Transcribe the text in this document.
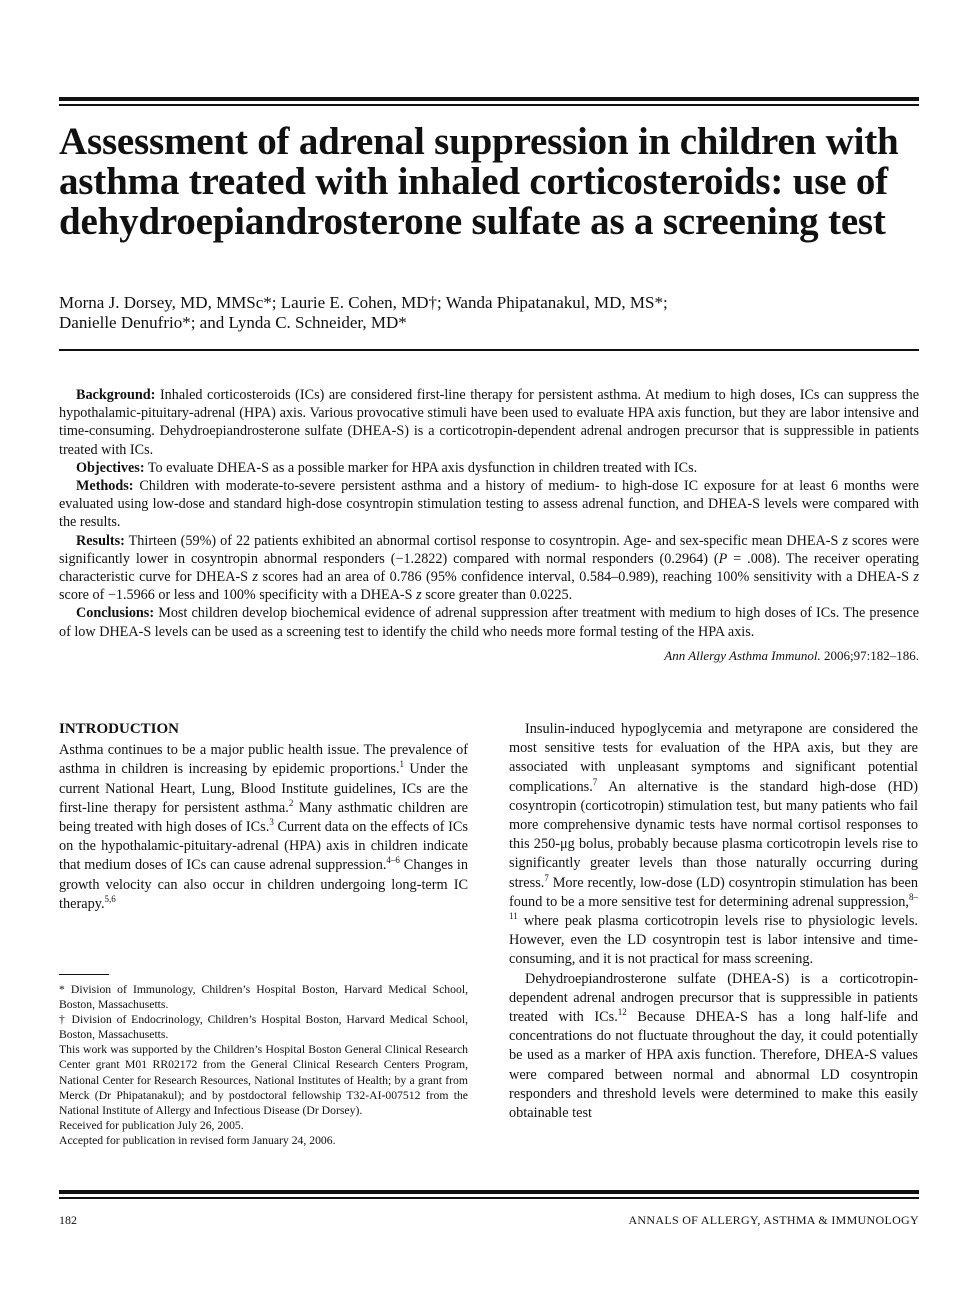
Assessment of adrenal suppression in children with asthma treated with inhaled corticosteroids: use of dehydroepiandrosterone sulfate as a screening test
Morna J. Dorsey, MD, MMSc*; Laurie E. Cohen, MD†; Wanda Phipatanakul, MD, MS*;
Danielle Denufrio*; and Lynda C. Schneider, MD*

Background: Inhaled corticosteroids (ICs) are considered first-line therapy for persistent asthma. At medium to high doses, ICs can suppress the hypothalamic-pituitary-adrenal (HPA) axis. Various provocative stimuli have been used to evaluate HPA axis function, but they are labor intensive and time-consuming. Dehydroepiandrosterone sulfate (DHEA-S) is a corticotropin-dependent adrenal androgen precursor that is suppressible in patients treated with ICs.

Objectives: To evaluate DHEA-S as a possible marker for HPA axis dysfunction in children treated with ICs.

Methods: Children with moderate-to-severe persistent asthma and a history of medium- to high-dose IC exposure for at least 6 months were evaluated using low-dose and standard high-dose cosyntropin stimulation testing to assess adrenal function, and DHEA-S levels were compared with the results.

Results: Thirteen (59%) of 22 patients exhibited an abnormal cortisol response to cosyntropin. Age- and sex-specific mean DHEA-S z scores were significantly lower in cosyntropin abnormal responders (−1.2822) compared with normal responders (0.2964) (P = .008). The receiver operating characteristic curve for DHEA-S z scores had an area of 0.786 (95% confidence interval, 0.584–0.989), reaching 100% sensitivity with a DHEA-S z score of −1.5966 or less and 100% specificity with a DHEA-S z score greater than 0.0225.

Conclusions: Most children develop biochemical evidence of adrenal suppression after treatment with medium to high doses of ICs. The presence of low DHEA-S levels can be used as a screening test to identify the child who needs more formal testing of the HPA axis.

Ann Allergy Asthma Immunol. 2006;97:182–186.
INTRODUCTION

Asthma continues to be a major public health issue. The prevalence of asthma in children is increasing by epidemic proportions.$^1$ Under the current National Heart, Lung, Blood Institute guidelines, ICs are the first-line therapy for persistent asthma.$^2$ Many asthmatic children are being treated with high doses of ICs.$^3$ Current data on the effects of ICs on the hypothalamic-pituitary-adrenal (HPA) axis in children indicate that medium doses of ICs can cause adrenal suppression.$^{4-6}$ Changes in growth velocity can also occur in children undergoing long-term IC therapy.$^{5,6}$

* Division of Immunology, Children’s Hospital Boston, Harvard Medical School, Boston, Massachusetts.

† Division of Endocrinology, Children’s Hospital Boston, Harvard Medical School, Boston, Massachusetts.

This work was supported by the Children’s Hospital Boston General Clinical Research Center grant M01 RR02172 from the General Clinical Research Centers Program, National Center for Research Resources, National Institutes of Health; by a grant from Merck (Dr Phipatanakul); and by postdoctoral fellowship T32-AI-007512 from the National Institute of Allergy and Infectious Disease (Dr Dorsey).

Received for publication July 26, 2005.

Accepted for publication in revised form January 24, 2006.

Insulin-induced hypoglycemia and metyrapone are considered the most sensitive tests for evaluation of the HPA axis, but they are associated with unpleasant symptoms and significant potential complications.$^7$ An alternative is the standard high-dose (HD) cosyntropin (corticotropin) stimulation test, but many patients who fail more comprehensive dynamic tests have normal cortisol responses to this 250-μg bolus, probably because plasma corticotropin levels rise to significantly greater levels than those naturally occurring during stress.$^7$ More recently, low-dose (LD) cosyntropin stimulation has been found to be a more sensitive test for determining adrenal suppression,$^{8-11}$ where peak plasma corticotropin levels rise to physiologic levels. However, even the LD cosyntropin test is labor intensive and time-consuming, and it is not practical for mass screening.

Dehydroepiandrosterone sulfate (DHEA-S) is a corticotropin-dependent adrenal androgen precursor that is suppressible in patients treated with ICs.$^{12}$ Because DHEA-S has a long half-life and concentrations do not fluctuate throughout the day, it could potentially be used as a marker of HPA axis function. Therefore, DHEA-S values were compared between normal and abnormal LD cosyntropin responders and threshold levels were determined to make this easily obtainable test

182	ANNALS OF ALLERGY, ASTHMA & IMMUNOLOGY
